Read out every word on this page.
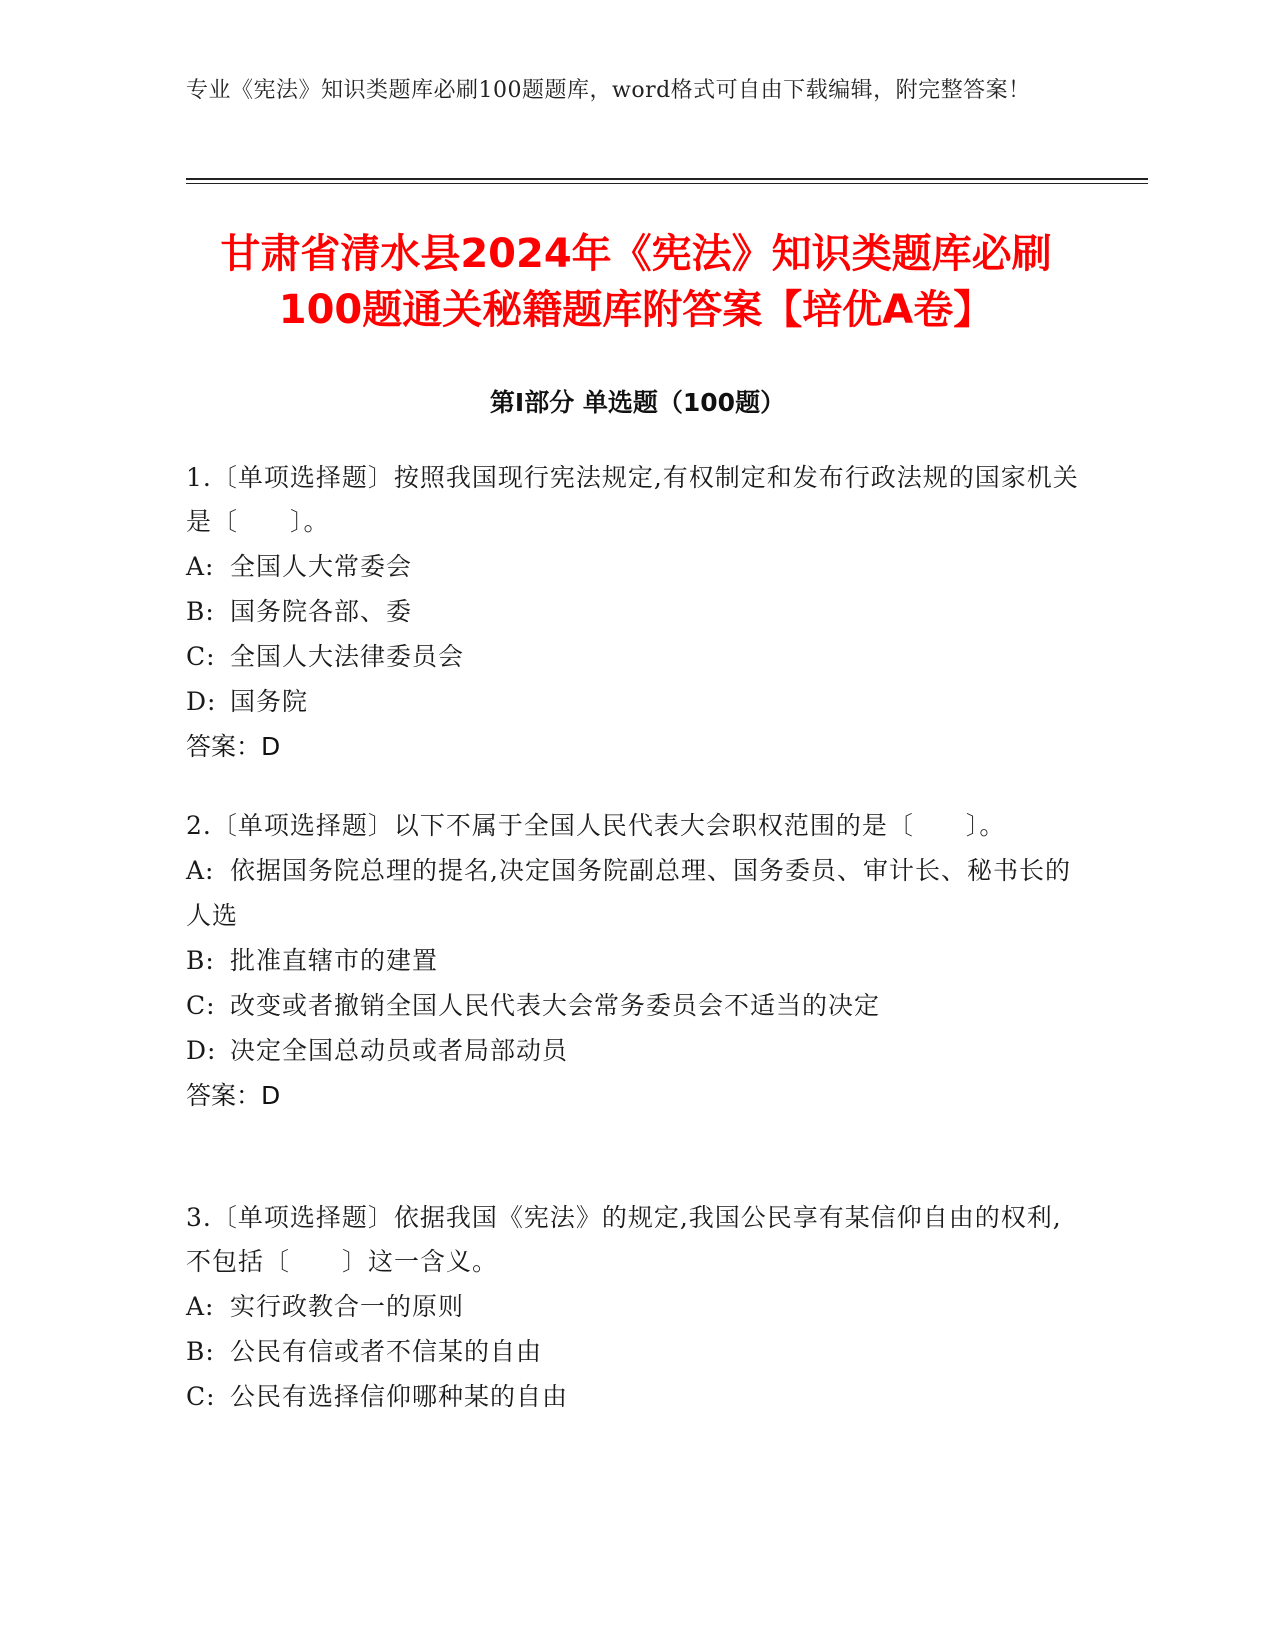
专业《宪法》知识类题库必刷100题题库，word格式可自由下载编辑，附完整答案！
甘肃省清水县2024年《宪法》知识类题库必刷100题通关秘籍题库附答案【培优A卷】
第I部分 单选题（100题）
1.〔单项选择题〕按照我国现行宪法规定,有权制定和发布行政法规的国家机关是〔　　〕。
A: 全国人大常委会
B: 国务院各部、委
C: 全国人大法律委员会
D: 国务院
答案：D
2.〔单项选择题〕以下不属于全国人民代表大会职权范围的是〔　　〕。
A: 依据国务院总理的提名,决定国务院副总理、国务委员、审计长、秘书长的人选
B: 批准直辖市的建置
C: 改变或者撤销全国人民代表大会常务委员会不适当的决定
D: 决定全国总动员或者局部动员
答案：D
3.〔单项选择题〕依据我国《宪法》的规定,我国公民享有某信仰自由的权利,不包括〔　　〕这一含义。
A: 实行政教合一的原则
B: 公民有信或者不信某的自由
C: 公民有选择信仰哪种某的自由
